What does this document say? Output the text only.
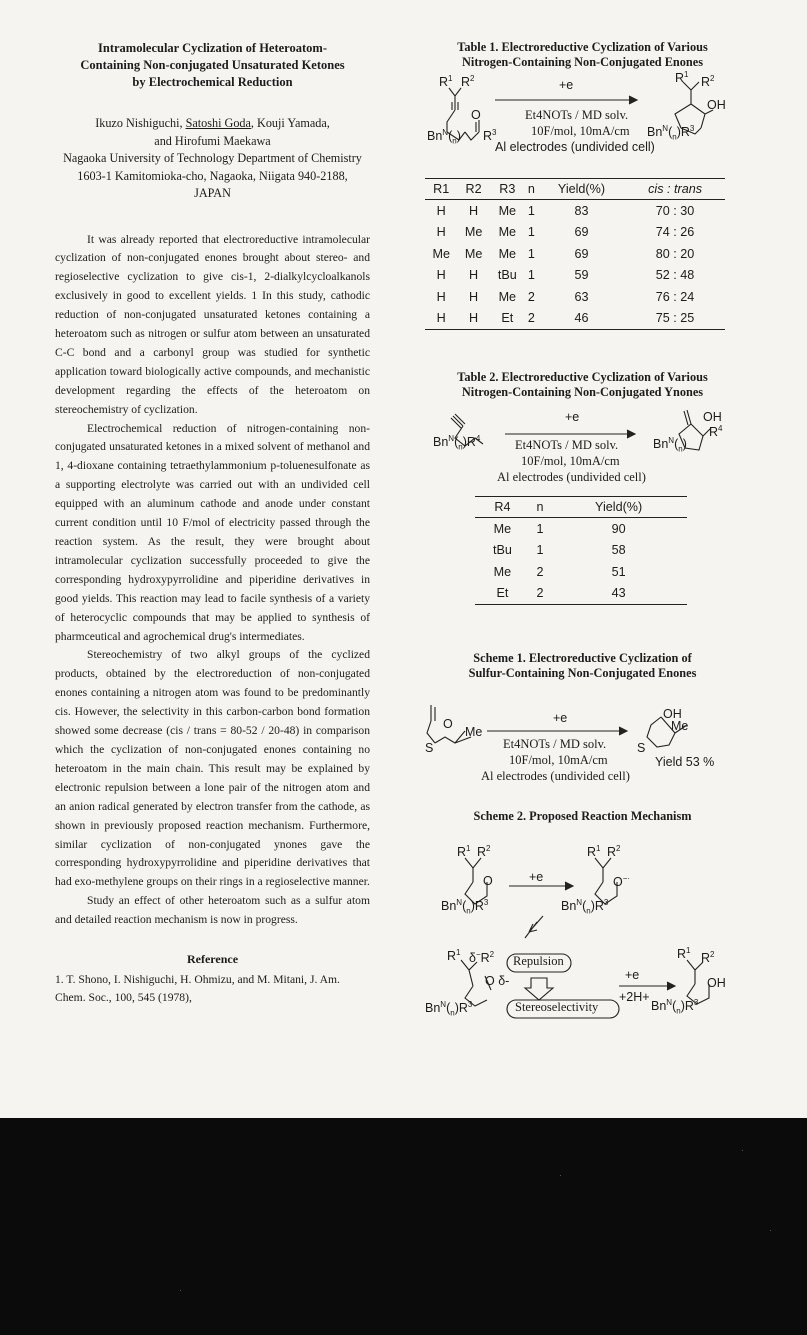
Intramolecular Cyclization of Heteroatom-
Containing Non-conjugated Unsaturated Ketones
by Electrochemical Reduction

Ikuzo Nishiguchi, Satoshi Goda, Kouji Yamada,
and Hirofumi Maekawa
Nagaoka University of Technology Department of Chemistry
1603-1 Kamitomioka-cho, Nagaoka, Niigata 940-2188,
JAPAN

It was already reported that electroreductive intramolecular cyclization of non-conjugated enones brought about stereo- and regioselective cyclization to give cis-1, 2-dialkylcycloalkanols exclusively in good to excellent yields. 1 In this study, cathodic reduction of non-conjugated unsaturated ketones containing a heteroatom such as nitrogen or sulfur atom between an unsaturated C-C bond and a carbonyl group was studied for synthetic application toward biologically active compounds, and mechanistic development regarding the effects of the heteroatom on stereochemistry of cyclization.

Electrochemical reduction of nitrogen-containing non-conjugated unsaturated ketones in a mixed solvent of methanol and 1, 4-dioxane containing tetraethylammonium p-toluenesulfonate as a supporting electrolyte was carried out with an undivided cell equipped with an aluminum cathode and anode under constant current condition until 10 F/mol of electricity passed through the reaction system. As the result, they were brought about intramolecular cyclization successfully proceeded to give the corresponding hydroxypyrrolidine and piperidine derivatives in good yields. This reaction may lead to facile synthesis of a variety of heterocyclic compounds that may be applied to synthesis of pharmceutical and agrochemical drug's intermediates.

Stereochemistry of two alkyl groups of the cyclized products, obtained by the electroreduction of non-conjugated enones containing a nitrogen atom was found to be predominantly cis. However, the selectivity in this carbon-carbon bond formation showed some decrease (cis / trans = 80-52 / 20-48) in comparison which the cyclization of non-conjugated enones containing no heteroatom in the main chain. This result may be explained by electronic repulsion between a lone pair of the nitrogen atom and an anion radical generated by electron transfer from the cathode, as shown in previously proposed reaction mechanism. Furthermore, similar cyclization of non-conjugated ynones gave the corresponding hydroxypyrrolidine and piperidine derivatives that had exo-methylene groups on their rings in a regioselective manner.

Study an effect of other heteroatom such as a sulfur atom and detailed reaction mechanism is now in progress.

Reference
1. T. Shono, I. Nishiguchi, H. Ohmizu, and M. Mitani, J. Am. Chem. Soc., 100, 545 (1978),
Table 1. Electroreductive Cyclization of Various
Nitrogen-Containing Non-Conjugated Enones
$R^1$ $R^2$
O
$Bn^N(_n)$ $R^3$
+e
Et4NOTs / MD solv.
10F/mol, 10mA/cm
Al electrodes (undivided cell)
$R^1$
$R^2$
OH
$Bn^N(_n)R^3$
R1	R2	R3	n	Yield(%)	cis : trans
H	H	Me	1	83	70 : 30
H	Me	Me	1	69	74 : 26
Me	Me	Me	1	69	80 : 20
H	H	tBu	1	59	52 : 48
H	H	Me	2	63	76 : 24
H	H	Et	2	46	75 : 25
Table 2. Electroreductive Cyclization of Various
Nitrogen-Containing Non-Conjugated Ynones
$Bn^N(_n)R^4$
+e
Et4NOTs / MD solv.
10F/mol, 10mA/cm
Al electrodes (undivided cell)
OH
$R^4$
$Bn^N(_n)$
R4	n	Yield(%)
Me	1	90
tBu	1	58
Me	2	51
Et	2	43
Scheme 1. Electroreductive Cyclization of
Sulfur-Containing Non-Conjugated Enones
O
Me
S
+e
Et4NOTs / MD solv.
10F/mol, 10mA/cm
Al electrodes (undivided cell)
OH
Me
S
Yield 53 %
Scheme 2. Proposed Reaction Mechanism
$R^1$ $R^2$
O
$Bn^N(_n)R^3$
+e
$R^1$ $R^2$
O−·
$Bn^N(_n)R^3$
$R^1$ $\delta^-R^2$
O δ-
$Bn^N(_n)R^3$
Repulsion
Stereoselectivity
+e
+2H+
$R^1$
$R^2$
OH
$Bn^N(_n)R^3$
